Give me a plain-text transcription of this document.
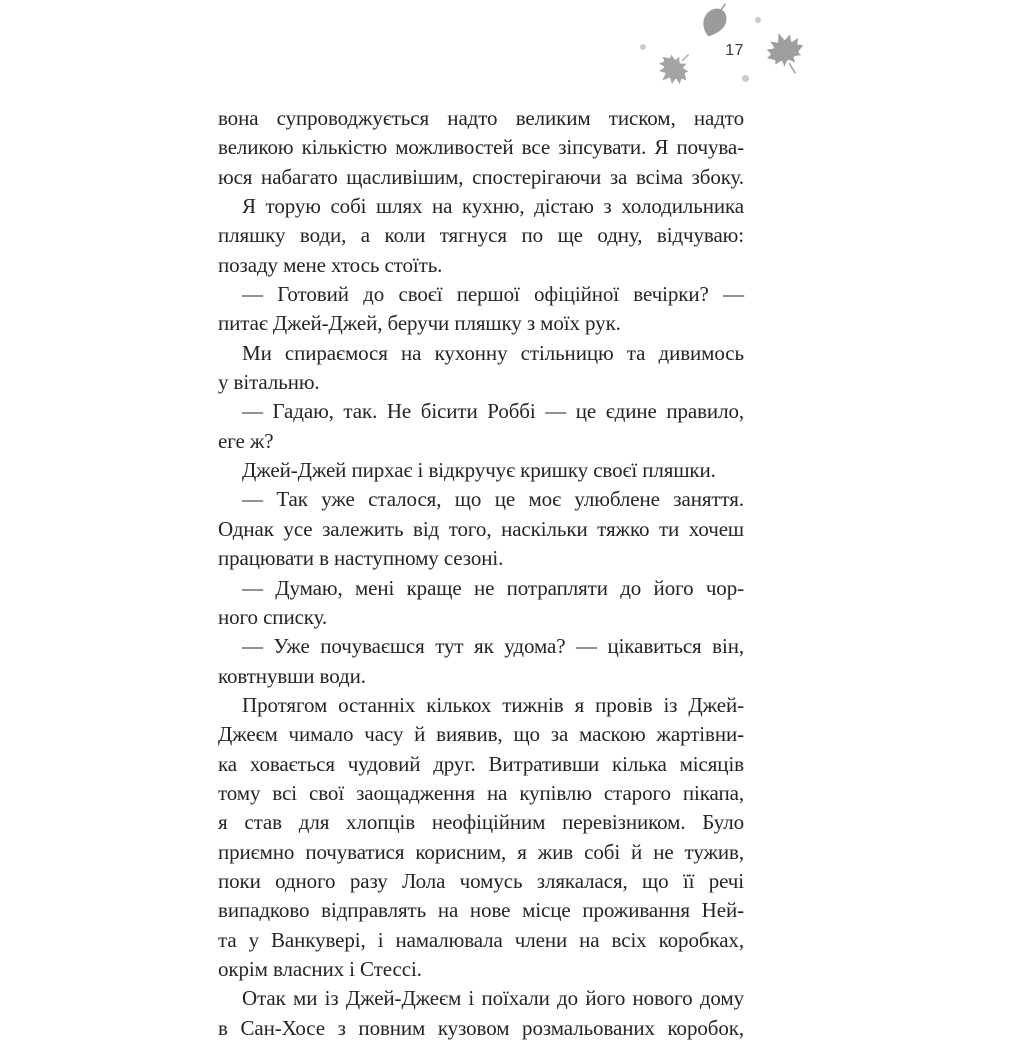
17
вона супроводжується надто великим тиском, надто
великою кількістю можливостей все зіпсувати. Я почува-
юся набагато щасливішим, спостерігаючи за всіма збоку.
Я торую собі шлях на кухню, дістаю з холодильника
пляшку води, а коли тягнуся по ще одну, відчуваю:
позаду мене хтось стоїть.
— Готовий до своєї першої офіційної вечірки? —
питає Джей-Джей, беручи пляшку з моїх рук.
Ми спираємося на кухонну стільницю та дивимось
у вітальню.
— Гадаю, так. Не бісити Роббі — це єдине правило,
еге ж?
Джей-Джей пирхає і відкручує кришку своєї пляшки.
— Так уже сталося, що це моє улюблене заняття.
Однак усе залежить від того, наскільки тяжко ти хочеш
працювати в наступному сезоні.
— Думаю, мені краще не потрапляти до його чор-
ного списку.
— Уже почуваєшся тут як удома? — цікавиться він,
ковтнувши води.
Протягом останніх кількох тижнів я провів із Джей-
Джеєм чимало часу й виявив, що за маскою жартівни-
ка ховається чудовий друг. Витративши кілька місяців
тому всі свої заощадження на купівлю старого пікапа,
я став для хлопців неофіційним перевізником. Було
приємно почуватися корисним, я жив собі й не тужив,
поки одного разу Лола чомусь злякалася, що її речі
випадково відправлять на нове місце проживання Ней-
та у Ванкувері, і намалювала члени на всіх коробках,
окрім власних і Стессі.
Отак ми із Джей-Джеєм і поїхали до його нового дому
в Сан-Хосе з повним кузовом розмальованих коробок,
